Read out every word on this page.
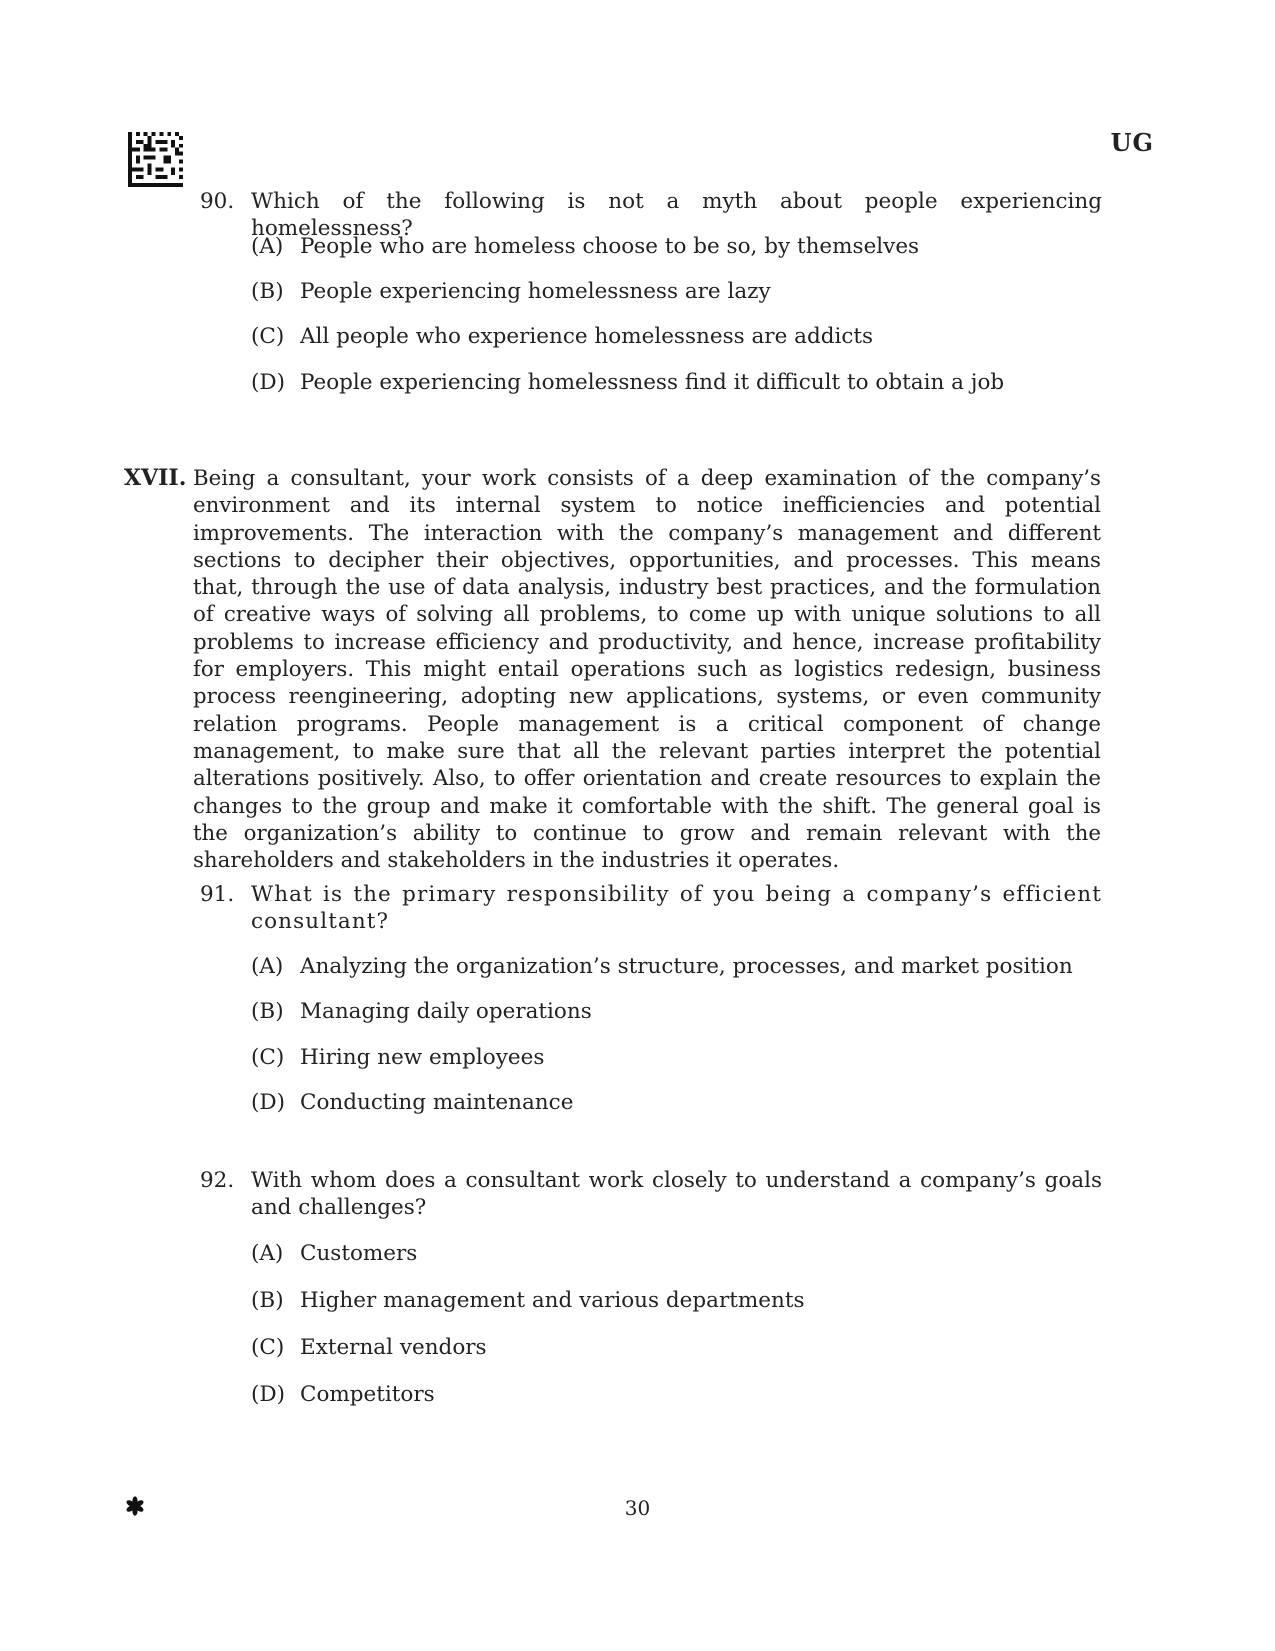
UG
90. Which of the following is not a myth about people experiencing homelessness?
(A) People who are homeless choose to be so, by themselves
(B) People experiencing homelessness are lazy
(C) All people who experience homelessness are addicts
(D) People experiencing homelessness find it difficult to obtain a job
XVII. Being a consultant, your work consists of a deep examination of the company’s environment and its internal system to notice inefficiencies and potential improvements. The interaction with the company’s management and different sections to decipher their objectives, opportunities, and processes. This means that, through the use of data analysis, industry best practices, and the formulation of creative ways of solving all problems, to come up with unique solutions to all problems to increase efficiency and productivity, and hence, increase profitability for employers. This might entail operations such as logistics redesign, business process reengineering, adopting new applications, systems, or even community relation programs. People management is a critical component of change management, to make sure that all the relevant parties interpret the potential alterations positively. Also, to offer orientation and create resources to explain the changes to the group and make it comfortable with the shift. The general goal is the organization’s ability to continue to grow and remain relevant with the shareholders and stakeholders in the industries it operates.
91. What is the primary responsibility of you being a company’s efficient consultant?
(A) Analyzing the organization’s structure, processes, and market position
(B) Managing daily operations
(C) Hiring new employees
(D) Conducting maintenance
92. With whom does a consultant work closely to understand a company’s goals and challenges?
(A) Customers
(B) Higher management and various departments
(C) External vendors
(D) Competitors
30
